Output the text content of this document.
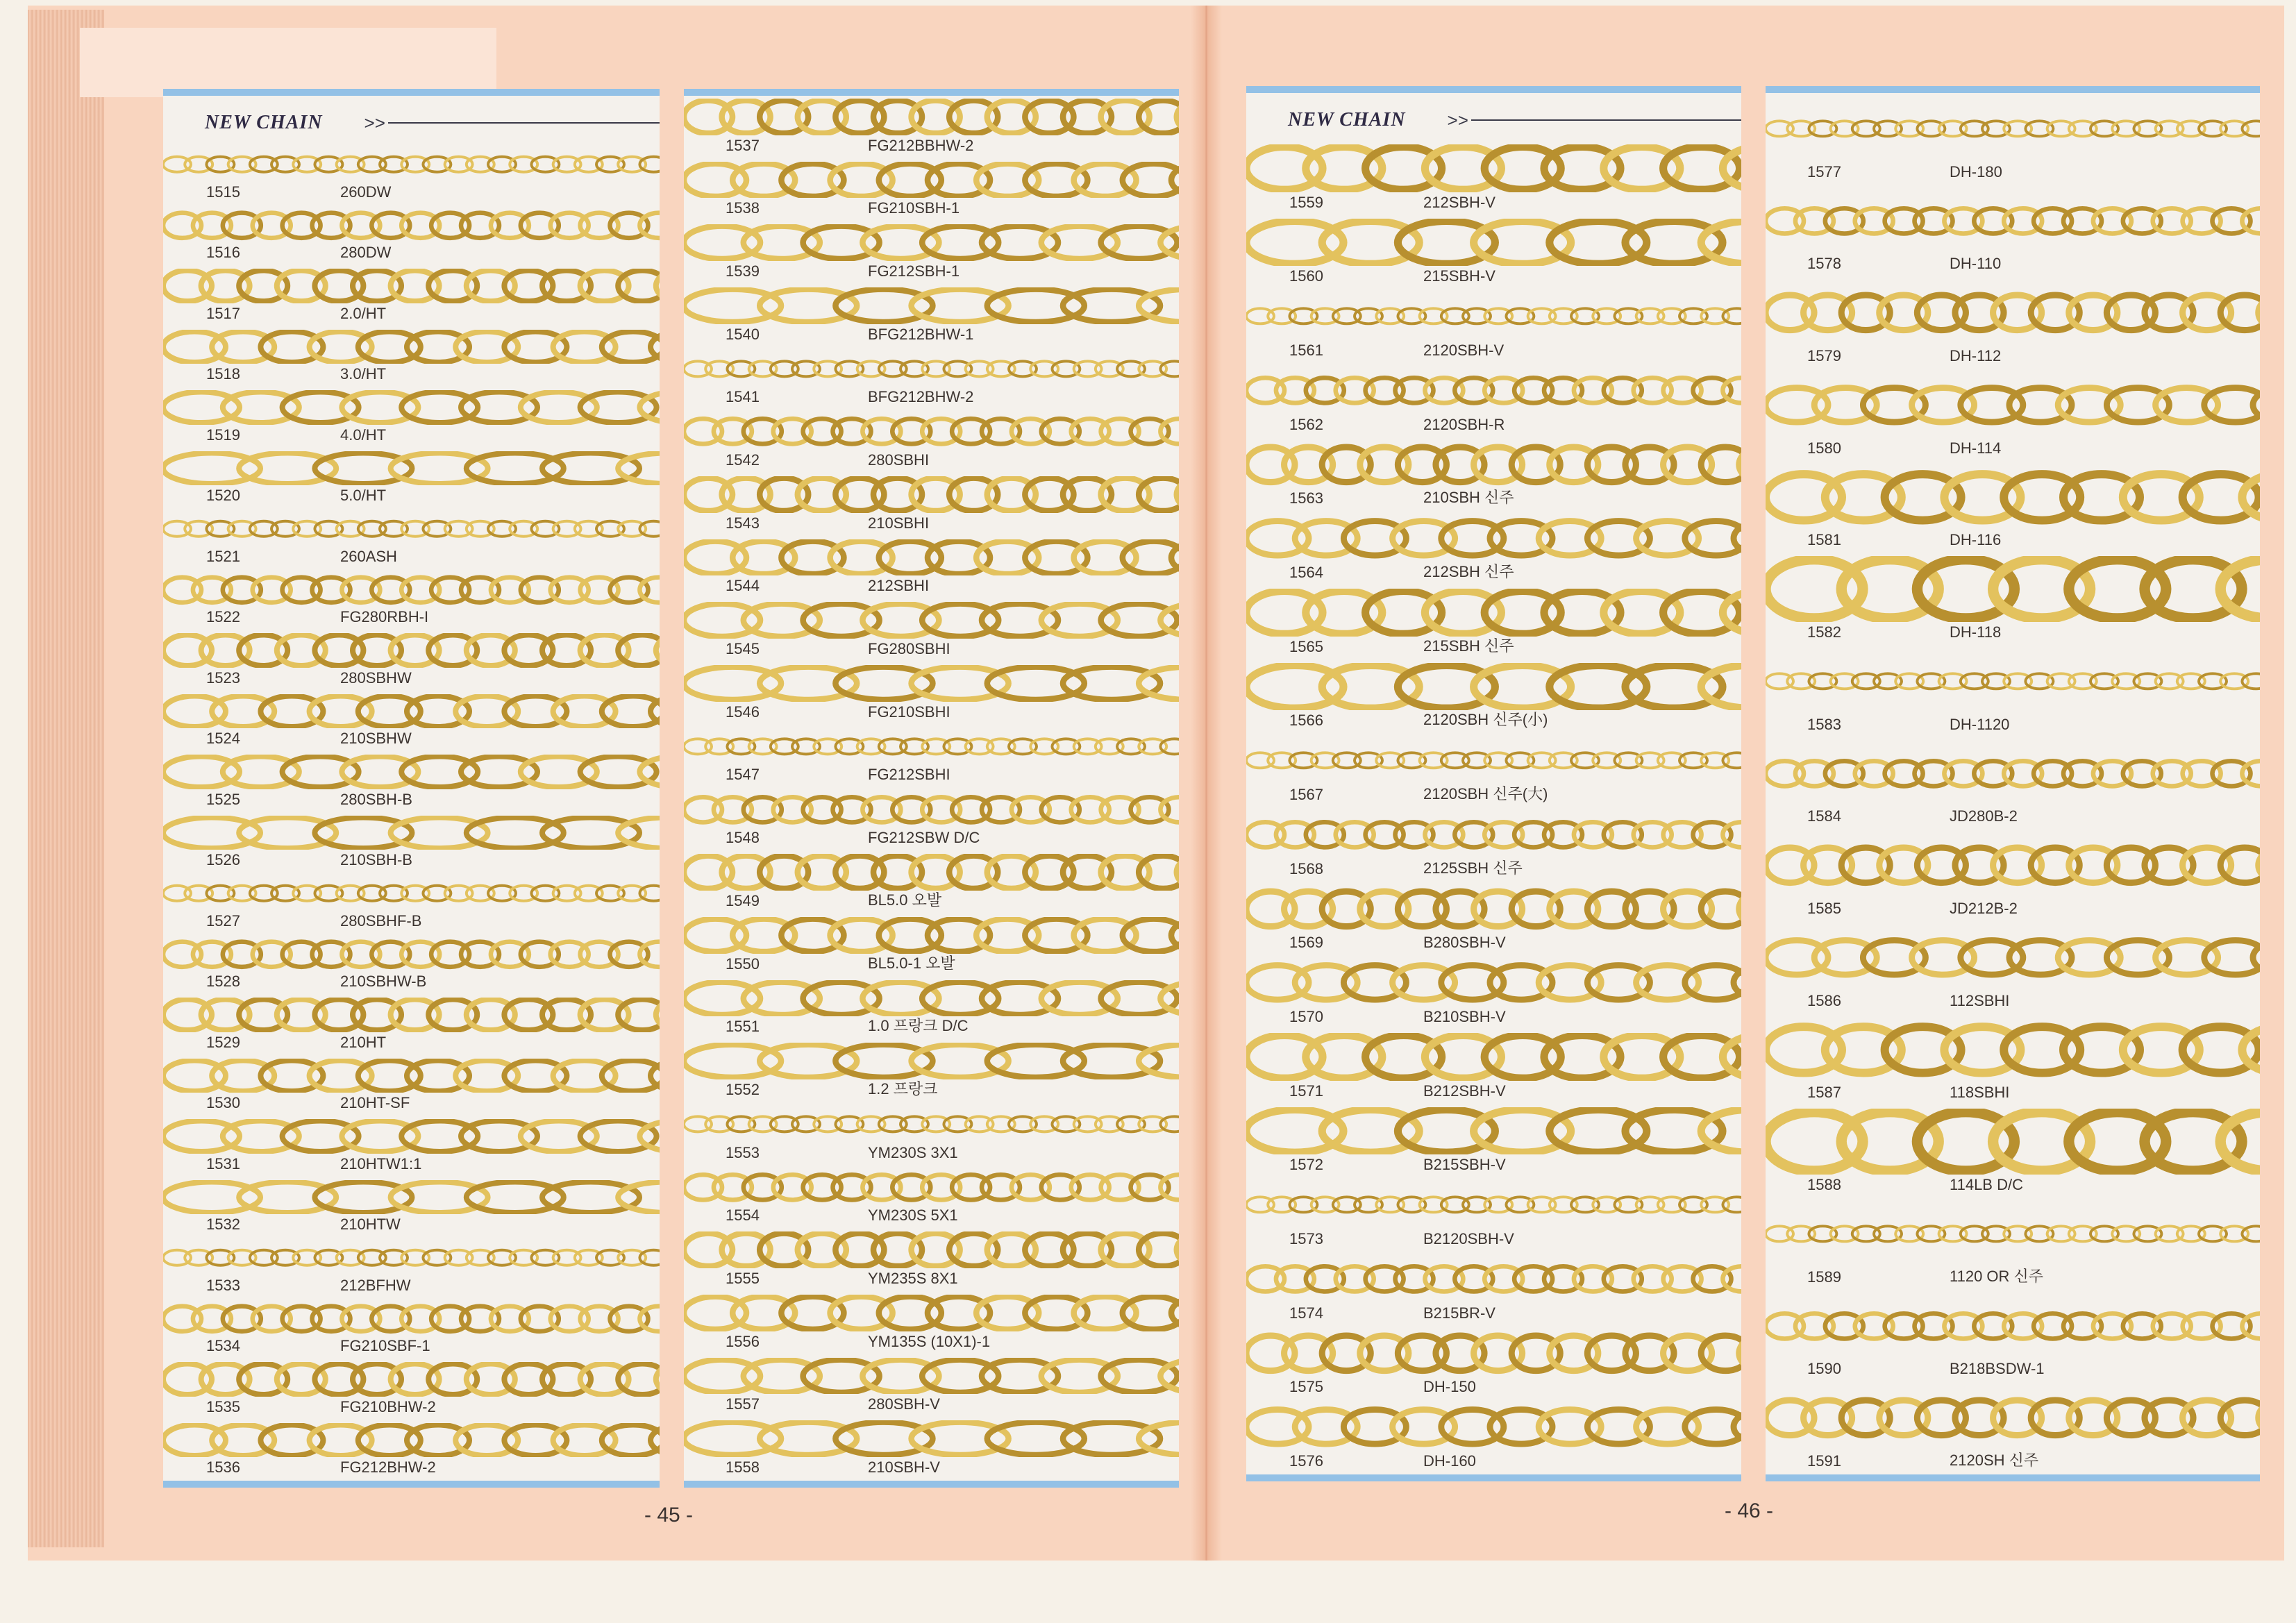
NEW CHAIN >>
1515	260DW
1516	280DW
1517	2.0/HT
1518	3.0/HT
1519	4.0/HT
1520	5.0/HT
1521	260ASH
1522	FG280RBH-I
1523	280SBHW
1524	210SBHW
1525	280SBH-B
1526	210SBH-B
1527	280SBHF-B
1528	210SBHW-B
1529	210HT
1530	210HT-SF
1531	210HTW1:1
1532	210HTW
1533	212BFHW
1534	FG210SBF-1
1535	FG210BHW-2
1536	FG212BHW-2
1537	FG212BBHW-2
1538	FG210SBH-1
1539	FG212SBH-1
1540	BFG212BHW-1
1541	BFG212BHW-2
1542	280SBHI
1543	210SBHI
1544	212SBHI
1545	FG280SBHI
1546	FG210SBHI
1547	FG212SBHI
1548	FG212SBW D/C
1549	BL5.0 오발
1550	BL5.0-1 오발
1551	1.0 프랑크 D/C
1552	1.2 프랑크
1553	YM230S 3X1
1554	YM230S 5X1
1555	YM235S 8X1
1556	YM135S (10X1)-1
1557	280SBH-V
1558	210SBH-V
NEW CHAIN >>
1559	212SBH-V
1560	215SBH-V
1561	2120SBH-V
1562	2120SBH-R
1563	210SBH 신주
1564	212SBH 신주
1565	215SBH 신주
1566	2120SBH 신주(小)
1567	2120SBH 신주(大)
1568	2125SBH 신주
1569	B280SBH-V
1570	B210SBH-V
1571	B212SBH-V
1572	B215SBH-V
1573	B2120SBH-V
1574	B215BR-V
1575	DH-150
1576	DH-160
1577	DH-180
1578	DH-110
1579	DH-112
1580	DH-114
1581	DH-116
1582	DH-118
1583	DH-1120
1584	JD280B-2
1585	JD212B-2
1586	112SBHI
1587	118SBHI
1588	114LB D/C
1589	1120 OR 신주
1590	B218BSDW-1
1591	2120SH 신주
- 45 -	- 46 -
